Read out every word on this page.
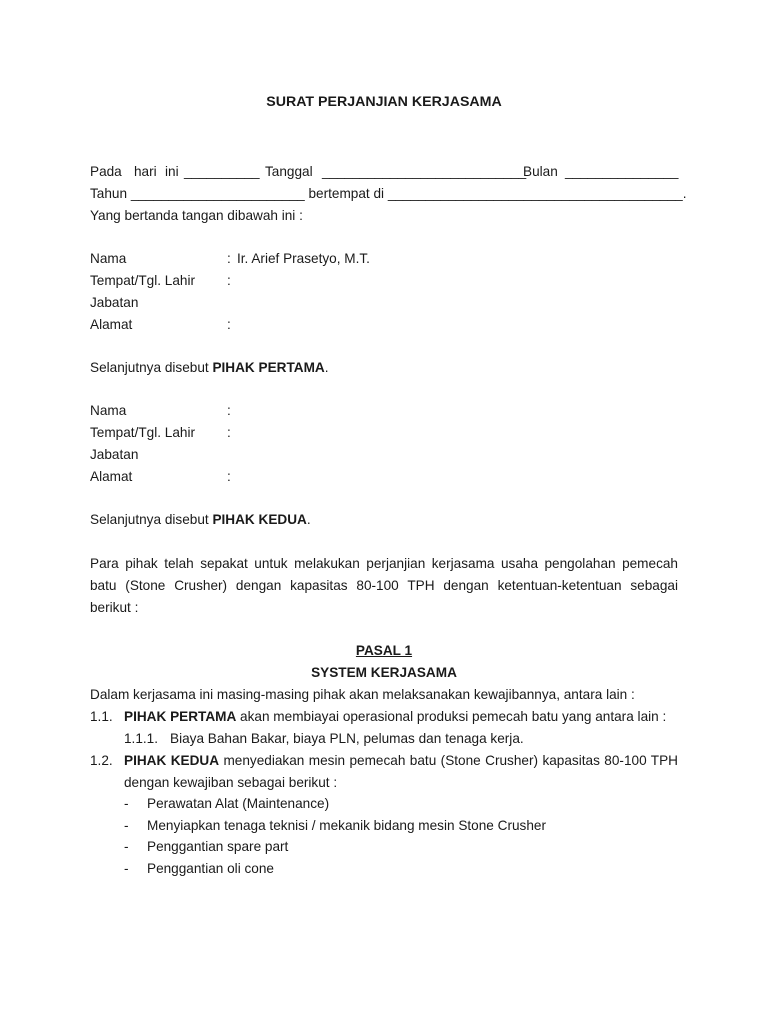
SURAT PERJANJIAN KERJASAMA
Pada hari ini __________ Tanggal ___________________________
Bulan _______________
Tahun _______________________ bertempat di _______________________________________.
Yang bertanda tangan dibawah ini :
Nama	: Ir. Arief Prasetyo, M.T.
Tempat/Tgl. Lahir :
Jabatan
Alamat	:
Selanjutnya disebut PIHAK PERTAMA.
Nama	:
Tempat/Tgl. Lahir :
Jabatan
Alamat	:
Selanjutnya disebut PIHAK KEDUA.
Para pihak telah sepakat untuk melakukan perjanjian kerjasama usaha pengolahan pemecah
batu (Stone Crusher) dengan kapasitas 80-100 TPH dengan ketentuan-ketentuan sebagai
berikut :
PASAL 1
SYSTEM KERJASAMA
Dalam kerjasama ini masing-masing pihak akan melaksanakan kewajibannya, antara lain :
1.1. PIHAK PERTAMA akan membiayai operasional produksi pemecah batu yang antara lain :
1.1.1. Biaya Bahan Bakar, biaya PLN, pelumas dan tenaga kerja.
1.2. PIHAK KEDUA menyediakan mesin pemecah batu (Stone Crusher) kapasitas 80-100 TPH
dengan kewajiban sebagai berikut :
- Perawatan Alat (Maintenance)
- Menyiapkan tenaga teknisi / mekanik bidang mesin Stone Crusher
- Penggantian spare part
- Penggantian oli cone
